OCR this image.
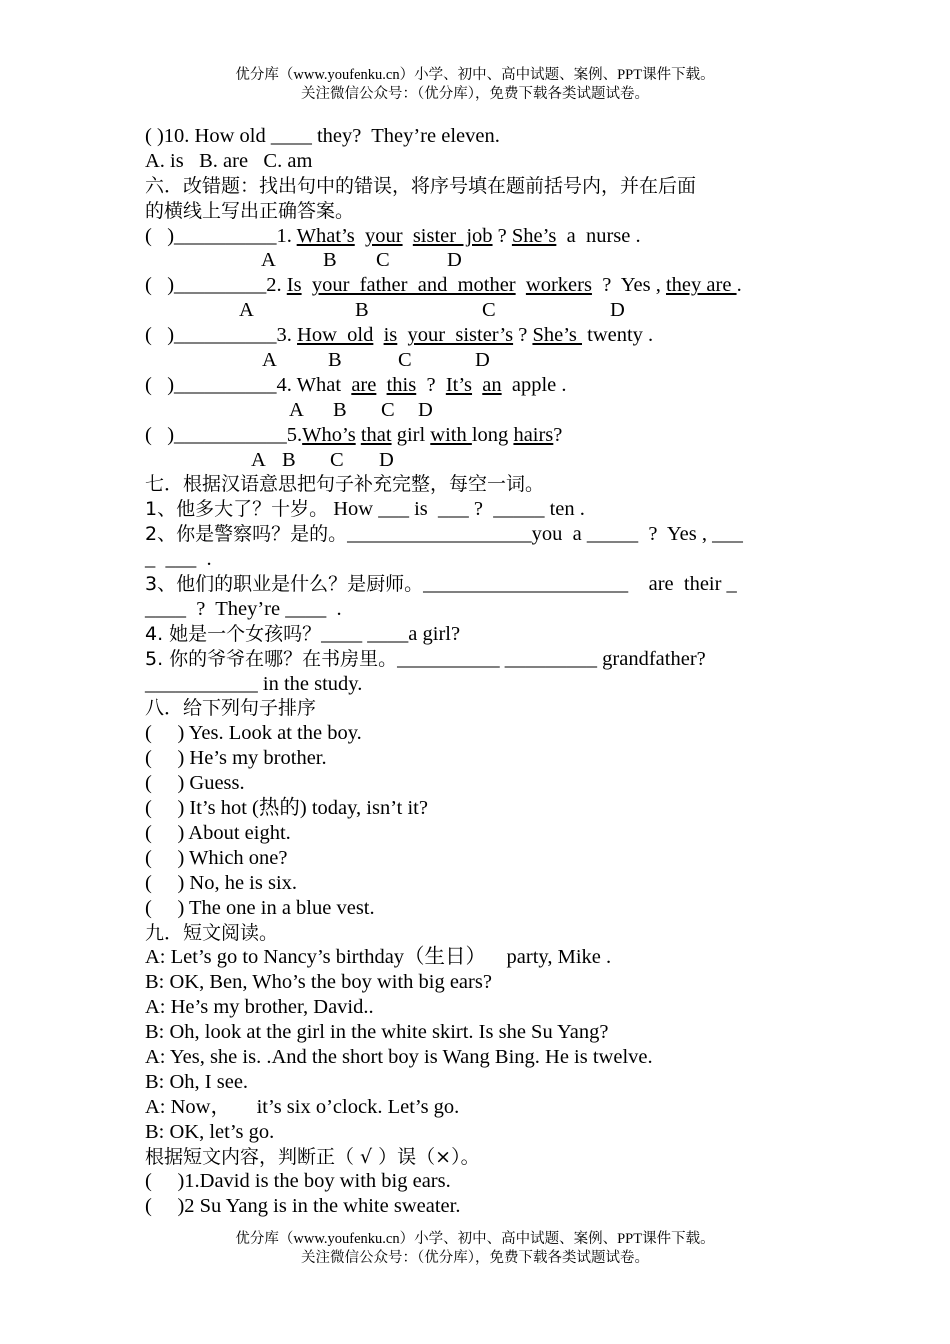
优分库（www.youfenku.cn）小学、初中、高中试题、案例、PPT课件下载。
关注微信公众号：（优分库），免费下载各类试题试卷。
( )10. How old ____ they?  They’re eleven.
A. is   B. are   C. am
六．改错题：找出句中的错误，将序号填在题前括号内，并在后面
的横线上写出正确答案。
(   )__________1. What’s your sister  job ? She’s a  nurse .
A B C	D
(   )_________2. Is your  father  and  mother workers ?  Yes , they are .
A	B	C	D
(   )__________3. How  old is your  sister’s ? She’s  twenty .
A B	C	D
(   )__________4. What  are this ? It’s an apple .
A B C D
(   )___________5.Who’s that girl with long hairs?
A B C D
七．根据汉语意思把句子补充完整，每空一词。
1、他多大了？十岁。 How ___ is  ___ ?  _____ ten .
2、你是警察吗？是的。__________________you  a _____  ?  Yes , ___
_  ___  .
3、他们的职业是什么？是厨师。____________________    are  their _
____  ?  They’re ____  .
4. 她是一个女孩吗？____ ____a girl?
5. 你的爷爷在哪？在书房里。__________ _________ grandfather?
___________ in the study.
八．给下列句子排序
(     ) Yes. Look at the boy.
(     ) He’s my brother.
(     ) Guess.
(     ) It’s hot (热的) today, isn’t it?
(     ) About eight.
(     ) Which one?
(     ) No, he is six.
(     ) The one in a blue vest.
九．短文阅读。
A: Let’s go to Nancy’s birthday（生日）    party, Mike .
B: OK, Ben, Who’s the boy with big ears?
A: He’s my brother, David..
B: Oh, look at the girl in the white skirt. Is she Su Yang?
A: Yes, she is. .And the short boy is Wang Bing. He is twelve.
B: Oh, I see.
A: Now，     it’s six o’clock. Let’s go.
B: OK, let’s go.
根据短文内容，判断正（ √ ）误（×）。
(     )1.David is the boy with big ears.
(     )2 Su Yang is in the white sweater.
优分库（www.youfenku.cn）小学、初中、高中试题、案例、PPT课件下载。
关注微信公众号：（优分库），免费下载各类试题试卷。
